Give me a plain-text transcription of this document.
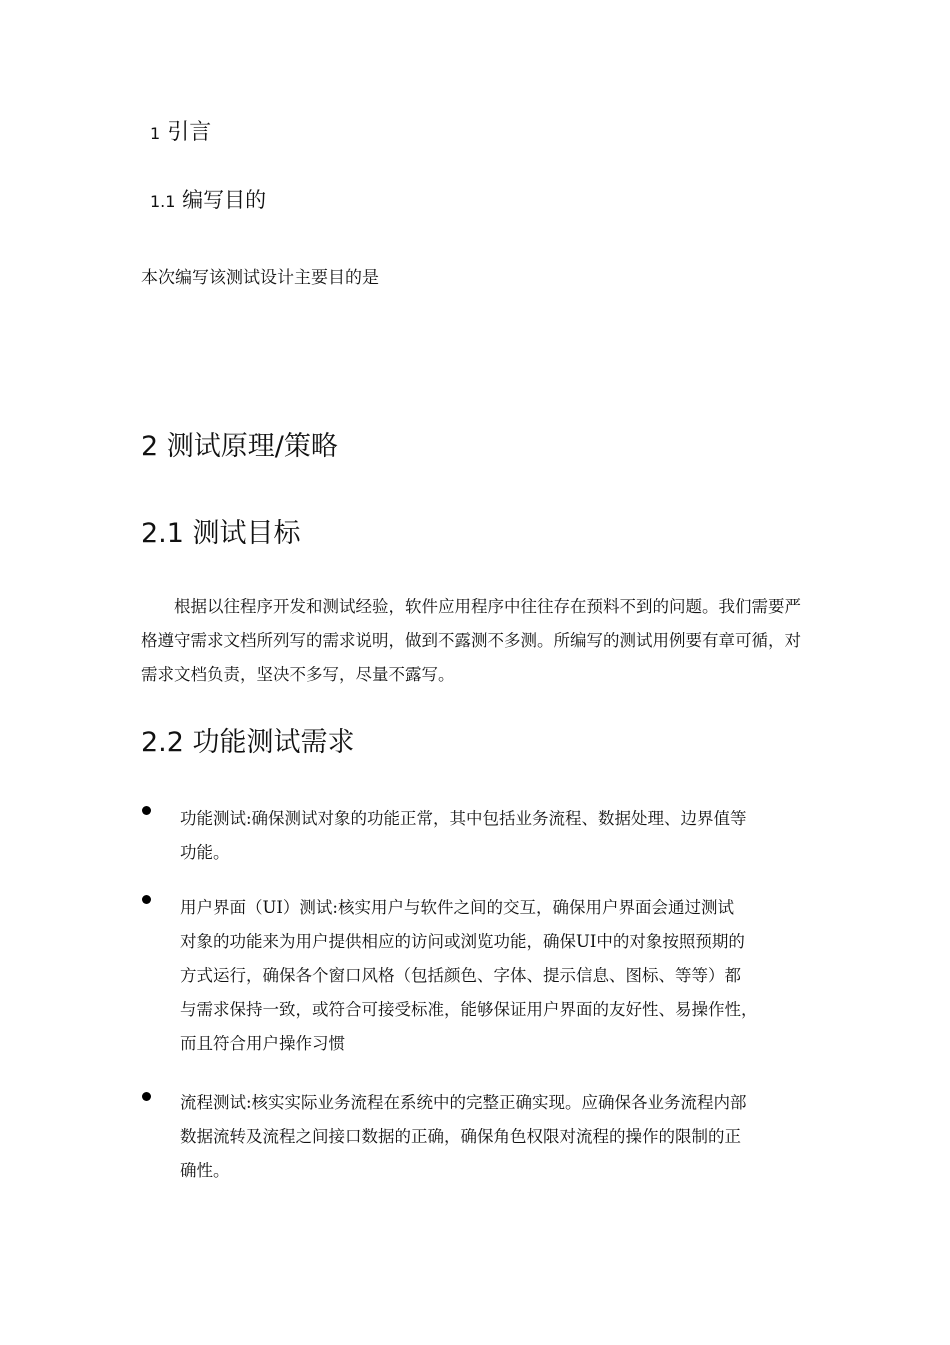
1 引言
1.1 编写目的

本次编写该测试设计主要目的是

2 测试原理/策略
2.1 测试目标

根据以往程序开发和测试经验，软件应用程序中往往存在预料不到的问题。我们需要严格遵守需求文档所列写的需求说明，做到不露测不多测。所编写的测试用例要有章可循，对需求文档负责，坚决不多写，尽量不露写。

2.2 功能测试需求
功能测试:确保测试对象的功能正常，其中包括业务流程、数据处理、边界值等
功能。
用户界面（UI）测试:核实用户与软件之间的交互，确保用户界面会通过测试
对象的功能来为用户提供相应的访问或浏览功能，确保UI中的对象按照预期的
方式运行，确保各个窗口风格（包括颜色、字体、提示信息、图标、等等）都
与需求保持一致，或符合可接受标准，能够保证用户界面的友好性、易操作性，
而且符合用户操作习惯
流程测试:核实实际业务流程在系统中的完整正确实现。应确保各业务流程内部
数据流转及流程之间接口数据的正确，确保角色权限对流程的操作的限制的正
确性。
